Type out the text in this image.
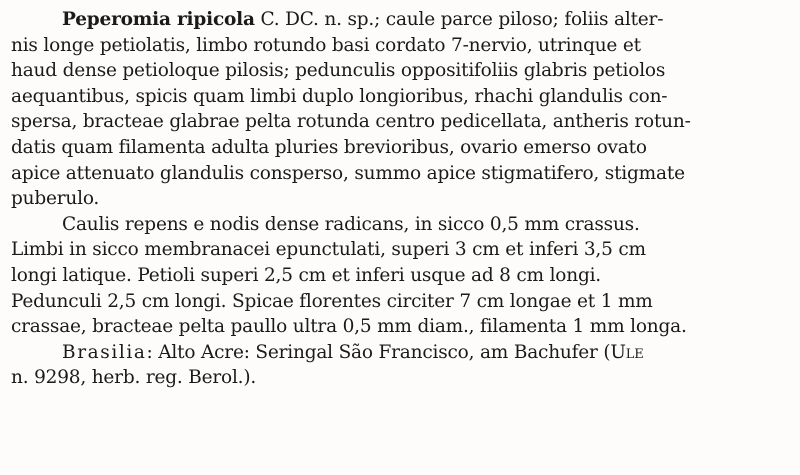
Peperomia ripicola C. DC. n. sp.; caule parce piloso; foliis alter-
nis longe petiolatis, limbo rotundo basi cordato 7-nervio, utrinque et
haud dense petioloque pilosis; pedunculis oppositifoliis glabris petiolos
aequantibus, spicis quam limbi duplo longioribus, rhachi glandulis con-
spersa, bracteae glabrae pelta rotunda centro pedicellata, antheris rotun-
datis quam filamenta adulta pluries brevioribus, ovario emerso ovato
apice attenuato glandulis consperso, summo apice stigmatifero, stigmate
puberulo.
Caulis repens e nodis dense radicans, in sicco 0,5 mm crassus.
Limbi in sicco membranacei epunctulati, superi 3 cm et inferi 3,5 cm
longi latique. Petioli superi 2,5 cm et inferi usque ad 8 cm longi.
Pedunculi 2,5 cm longi. Spicae florentes circiter 7 cm longae et 1 mm
crassae, bracteae pelta paullo ultra 0,5 mm diam., filamenta 1 mm longa.
Brasilia: Alto Acre: Seringal São Francisco, am Bachufer (Ule
n. 9298, herb. reg. Berol.).
